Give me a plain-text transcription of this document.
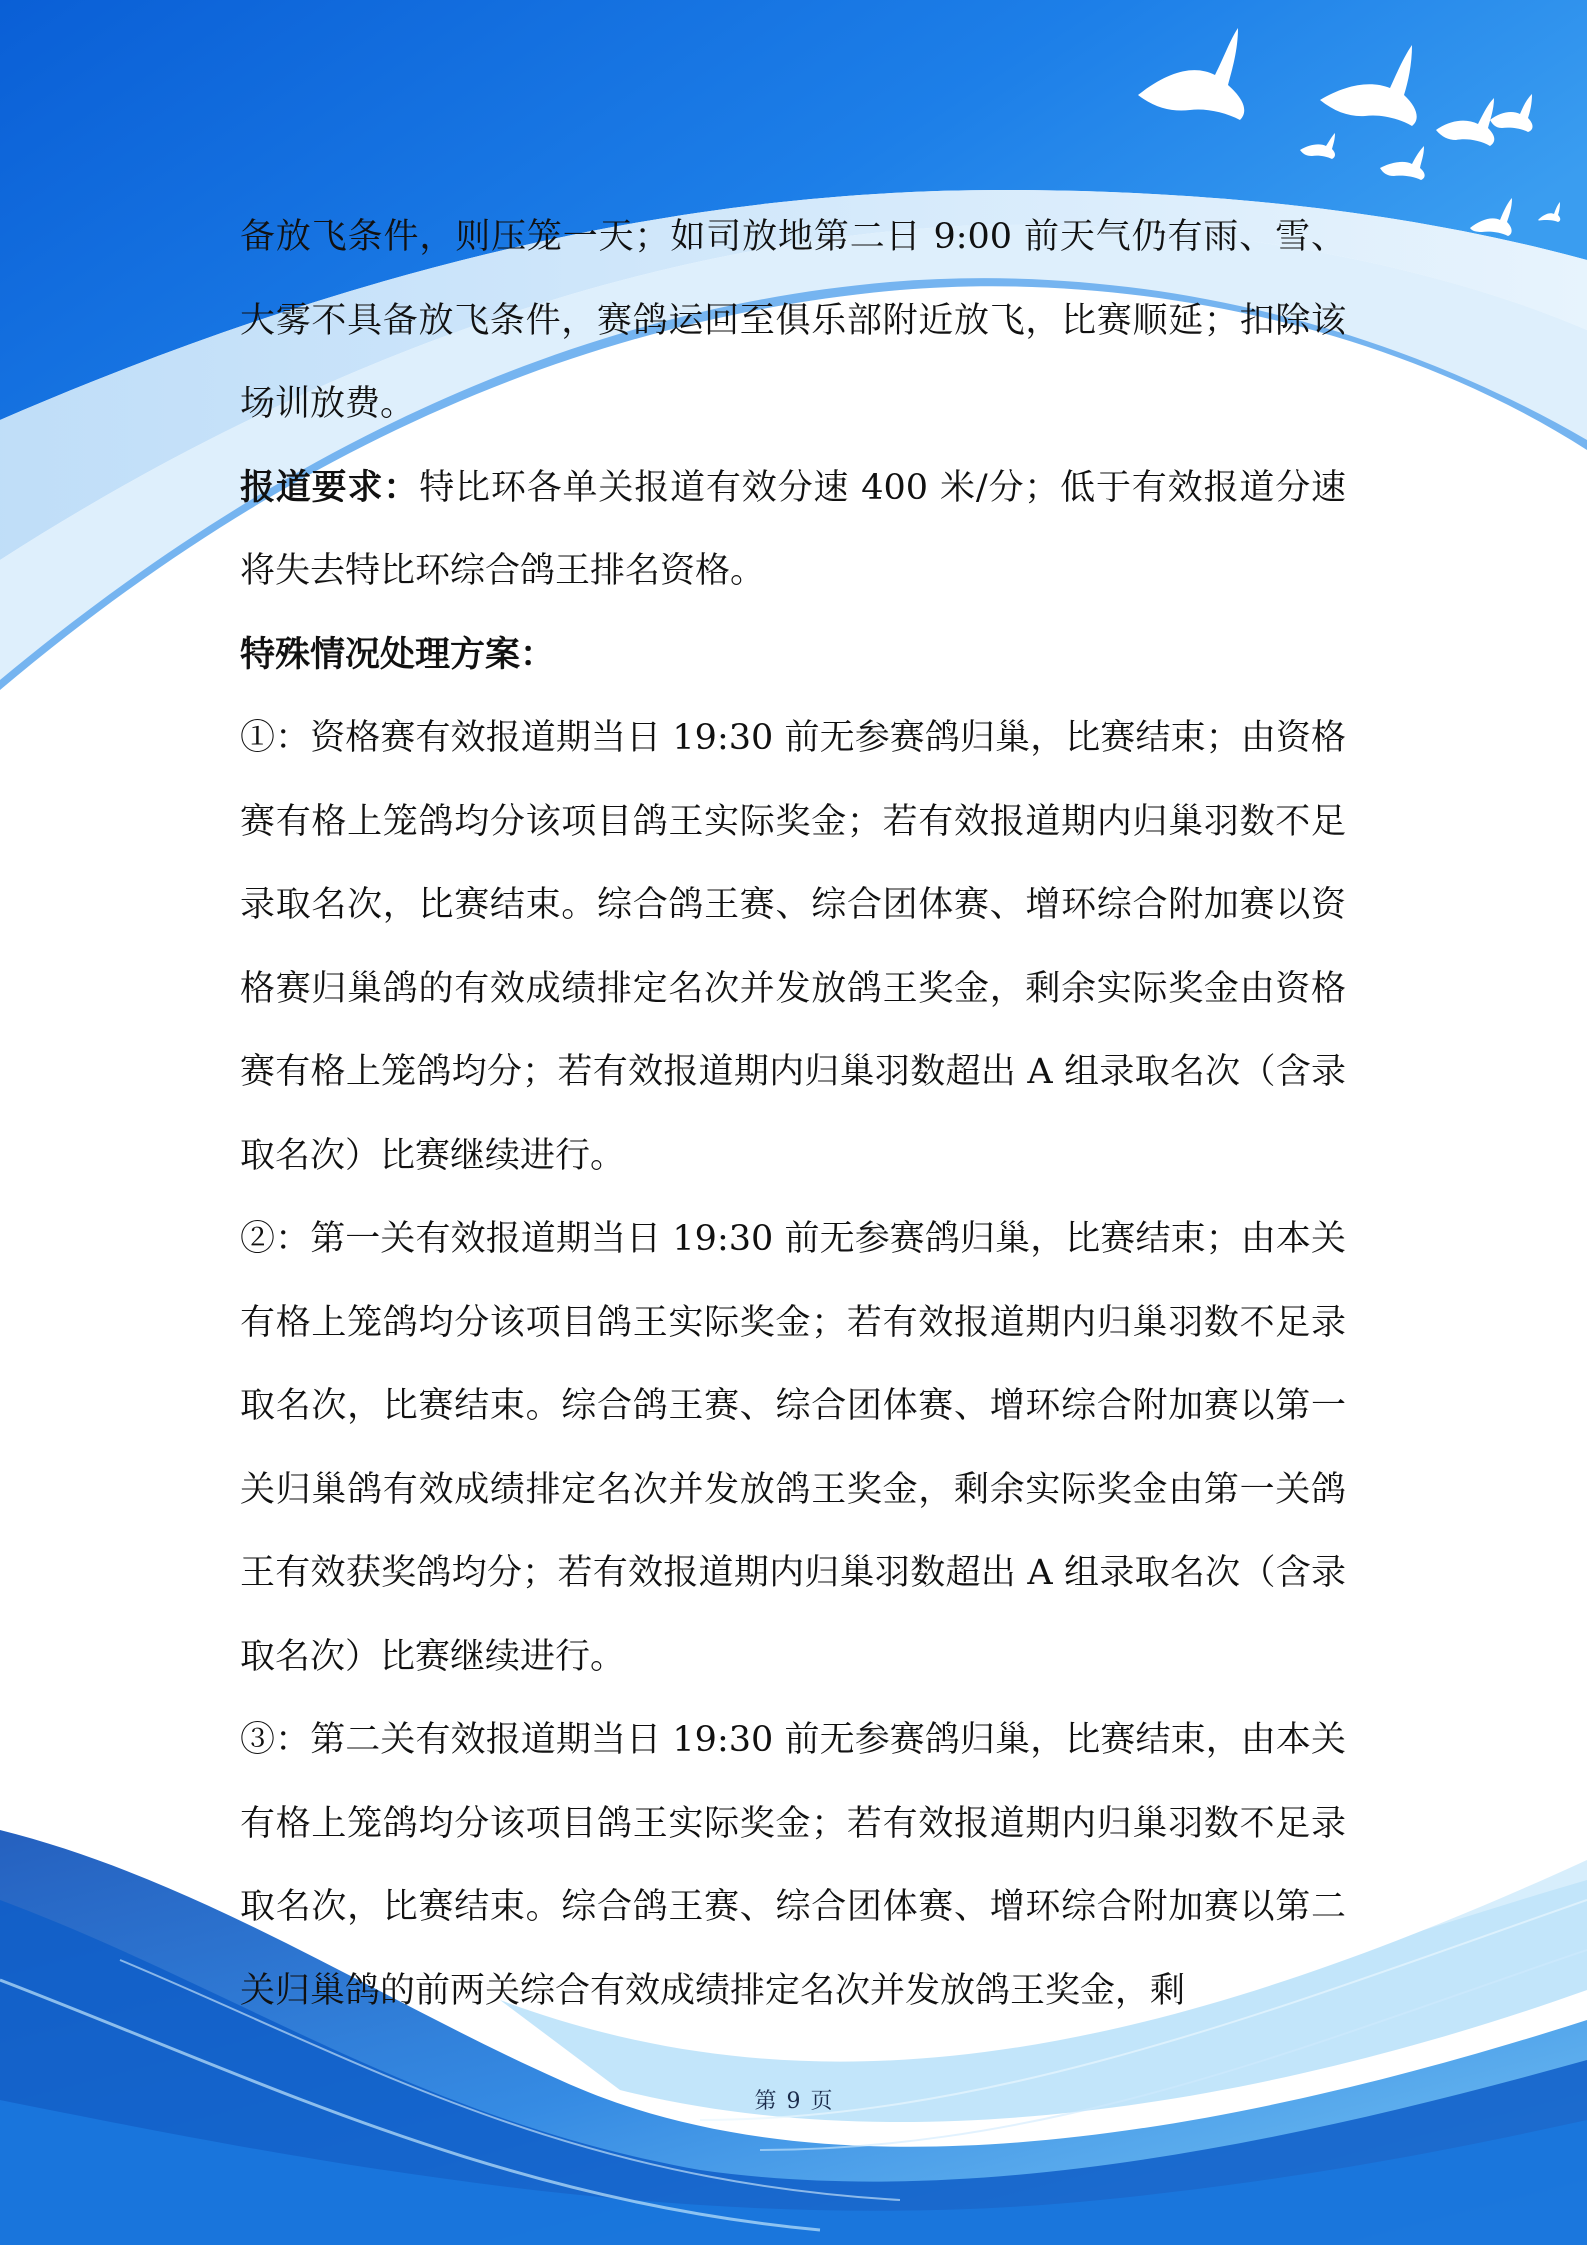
备放飞条件，则压笼一天；如司放地第二日 9:00 前天气仍有雨、雪、大雾不具备放飞条件，赛鸽运回至俱乐部附近放飞，比赛顺延；扣除该场训放费。

报道要求：特比环各单关报道有效分速 400 米/分；低于有效报道分速将失去特比环综合鸽王排名资格。

特殊情况处理方案：

①：资格赛有效报道期当日 19:30 前无参赛鸽归巢，比赛结束；由资格赛有格上笼鸽均分该项目鸽王实际奖金；若有效报道期内归巢羽数不足录取名次，比赛结束。综合鸽王赛、综合团体赛、增环综合附加赛以资格赛归巢鸽的有效成绩排定名次并发放鸽王奖金，剩余实际奖金由资格赛有格上笼鸽均分；若有效报道期内归巢羽数超出 A 组录取名次（含录取名次）比赛继续进行。

②：第一关有效报道期当日 19:30 前无参赛鸽归巢，比赛结束；由本关有格上笼鸽均分该项目鸽王实际奖金；若有效报道期内归巢羽数不足录取名次，比赛结束。综合鸽王赛、综合团体赛、增环综合附加赛以第一关归巢鸽有效成绩排定名次并发放鸽王奖金，剩余实际奖金由第一关鸽王有效获奖鸽均分；若有效报道期内归巢羽数超出 A 组录取名次（含录取名次）比赛继续进行。

③：第二关有效报道期当日 19:30 前无参赛鸽归巢，比赛结束，由本关有格上笼鸽均分该项目鸽王实际奖金；若有效报道期内归巢羽数不足录取名次，比赛结束。综合鸽王赛、综合团体赛、增环综合附加赛以第二关归巢鸽的前两关综合有效成绩排定名次并发放鸽王奖金，剩

第 9 页
